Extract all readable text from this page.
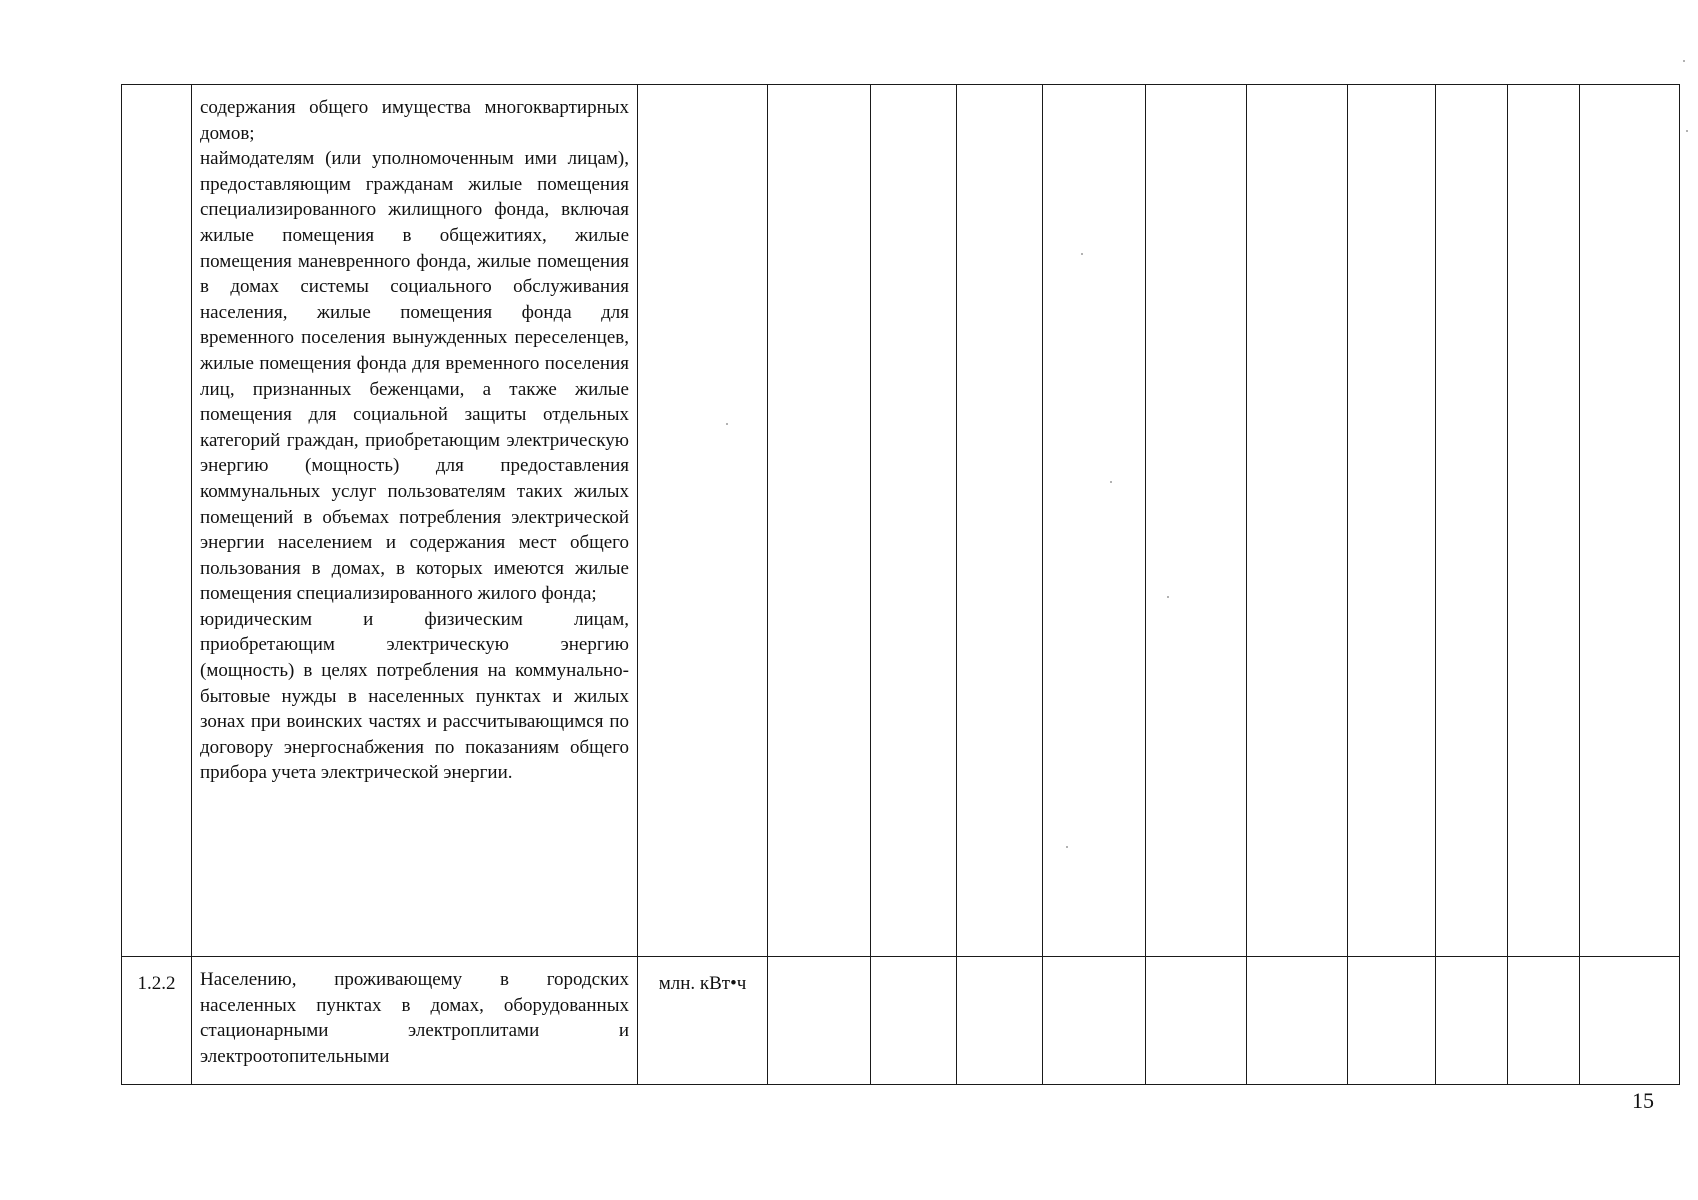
	содержания общего имущества многоквартирных домов;

наймодателям (или уполномоченным ими лицам), предоставляющим гражданам жилые помещения специализированного жилищного фонда, включая жилые помещения в общежитиях, жилые помещения маневренного фонда, жилые помещения в домах системы социального обслуживания населения, жилые помещения фонда для временного поселения вынужденных переселенцев, жилые помещения фонда для временного поселения лиц, признанных беженцами, а также жилые помещения для социальной защиты отдельных категорий граждан, приобретающим электрическую энергию (мощность) для предоставления коммунальных услуг пользователям таких жилых помещений в объемах потребления электрической энергии населением и содержания мест общего пользования в домах, в которых имеются жилые помещения специализированного жилого фонда;

юридическим и физическим лицам, приобретающим электрическую энергию (мощность) в целях потребления на коммунально-бытовые нужды в населенных пунктах и жилых зонах при воинских частях и рассчитывающимся по договору энергоснабжения по показаниям общего прибора учета электрической энергии.											

1.2.2	Населению, проживающему в городских населенных пунктах в домах, оборудованных стационарными электроплитами и электроотопительными	млн. кВт•ч										
15
